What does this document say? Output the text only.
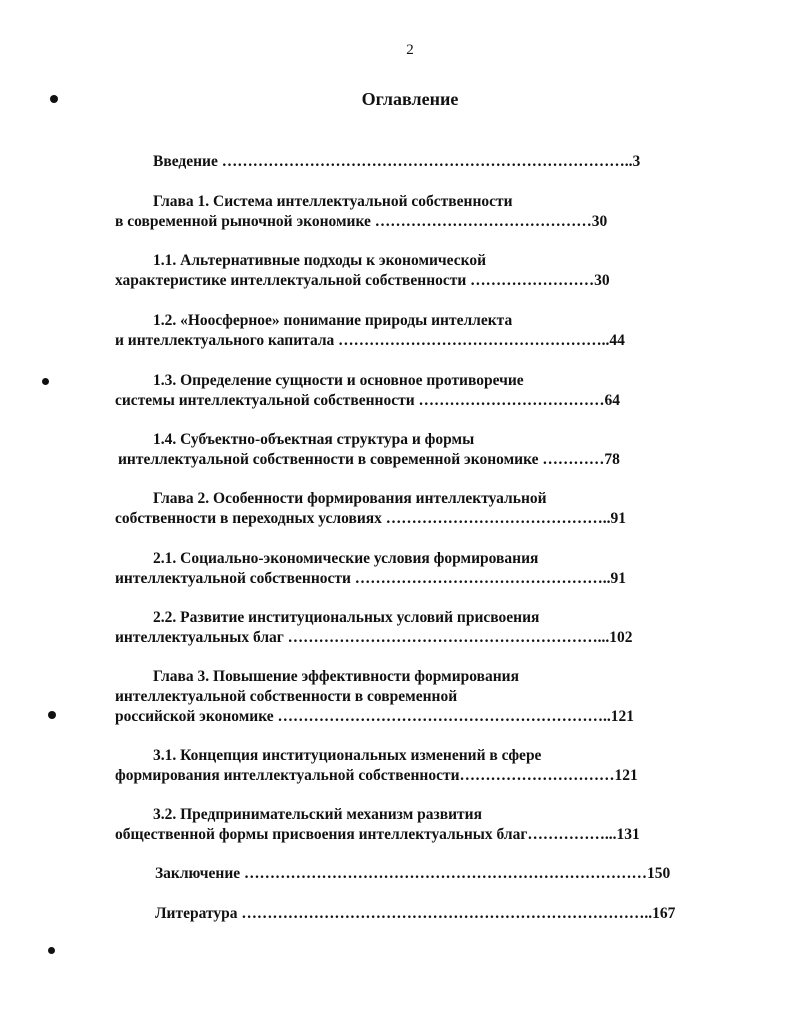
2
Оглавление
Введение ……………………………………………………………………..3
Глава 1. Система интеллектуальной собственности
в современной рыночной экономике ……………………………………30
1.1. Альтернативные подходы к экономической
характеристике интеллектуальной собственности ……………………30
1.2. «Ноосферное» понимание природы интеллекта
и интеллектуального капитала ……………………………………………..44
1.3. Определение сущности и основное противоречие
системы интеллектуальной собственности ………………………………64
1.4. Субъектно-объектная структура и формы
интеллектуальной собственности в современной экономике …………78
Глава 2. Особенности формирования интеллектуальной
собственности в переходных условиях ……………………………………..91
2.1. Социально-экономические условия формирования
интеллектуальной собственности …………………………………………..91
2.2. Развитие институциональных условий присвоения
интеллектуальных благ ……………………………………………………...102
Глава 3. Повышение эффективности формирования
интеллектуальной собственности в современной
российской экономике ………………………………………………………..121
3.1. Концепция институциональных изменений в сфере
формирования интеллектуальной собственности…………………………121
3.2. Предпринимательский механизм развития
общественной формы присвоения интеллектуальных благ……………...131
Заключение ……………………………………………………………………150
Литература ……………………………………………………………………..167
